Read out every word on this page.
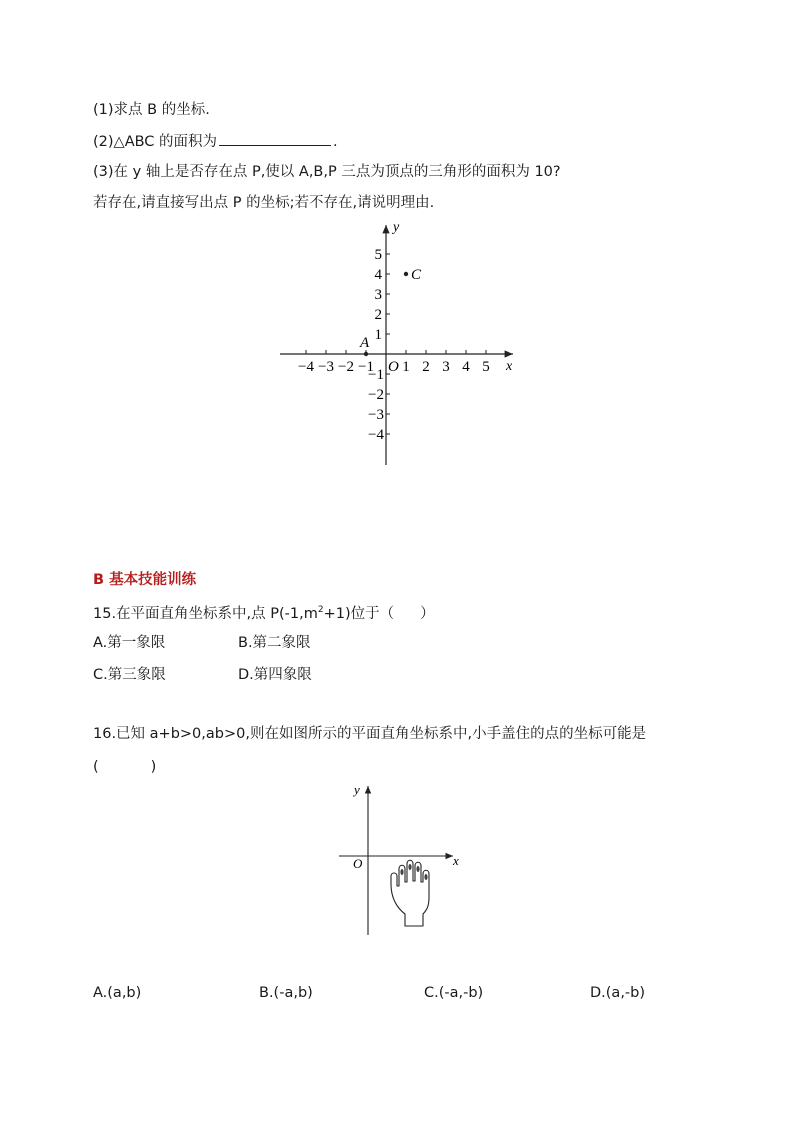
(1)求点 B 的坐标.
(2)△ABC 的面积为	.
(3)在 y 轴上是否存在点 P,使以 A,B,P 三点为顶点的三角形的面积为 10?
若存在,请直接写出点 P 的坐标;若不存在,请说明理由.
−4 −3 −2 −1 1 2 3 4 5
5
4
3
2
1
−1
−2
−3
−4
y
x
O
A
C
B 基本技能训练
15.在平面直角坐标系中,点 $P(-1,m^2+1)$位于（ ）
A.第一象限	B.第二象限
C.第三象限	D.第四象限
16.已知 a+b>0,ab>0,则在如图所示的平面直角坐标系中,小手盖住的点的坐标可能是
(	)
y
x
O
A.(a,b)	B.(-a,b)	C.(-a,-b)	D.(a,-b)
